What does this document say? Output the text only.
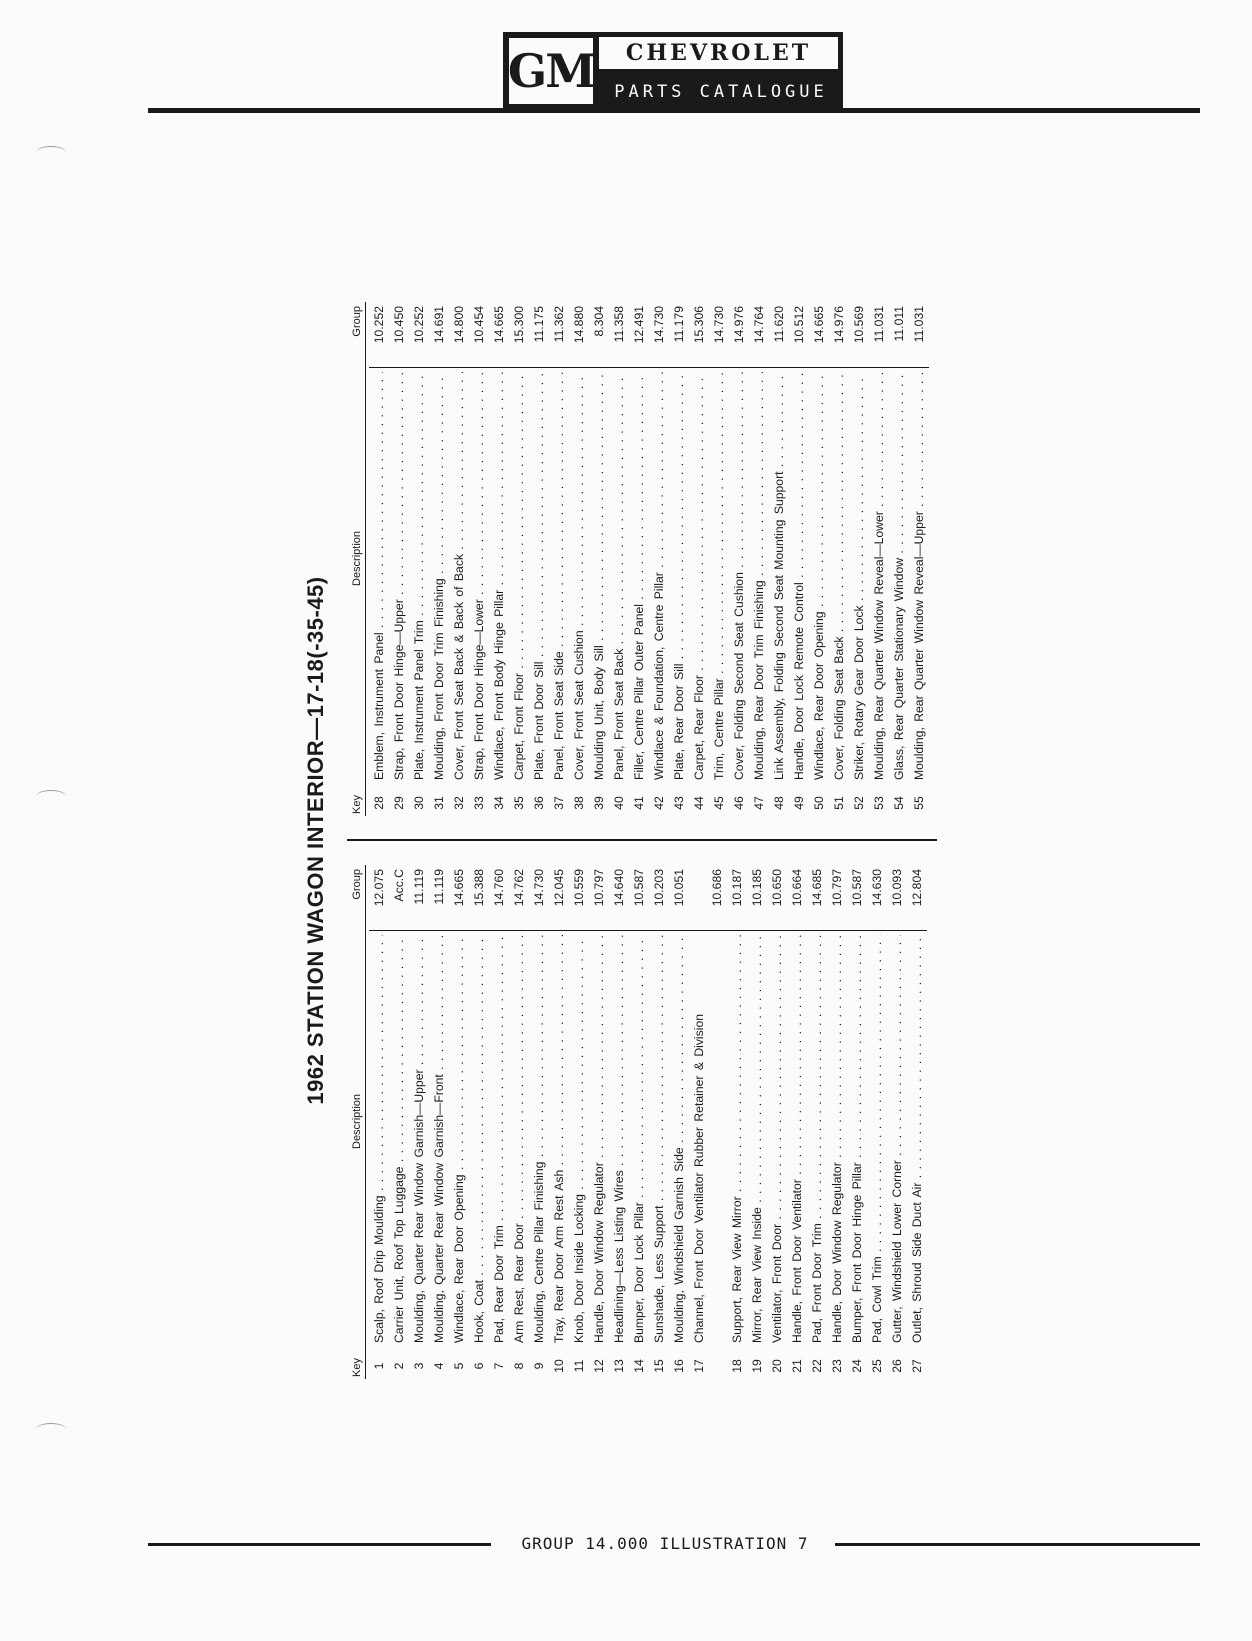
GM	CHEVROLET
PARTS CATALOGUE
1962 STATION WAGON INTERIOR—17-18(-35-45)
Key
Description
Group
1
Scalp, Roof Drip Moulding . . .
12.075
2
Carrier Unit, Roof Top Luggage . . .
Acc.C
3
Moulding, Quarter Rear Window Garnish—Upper . . .
11.119
4
Moulding, Quarter Rear Window Garnish—Front . . .
11.119
5
Windlace, Rear Door Opening . . .
14.665
6
Hook, Coat . . .
15.388
7
Pad, Rear Door Trim . . .
14.760
8
Arm Rest, Rear Door . . .
14.762
9
Moulding, Centre Pillar Finishing . . .
14.730
10
Tray, Rear Door Arm Rest Ash . . .
12.045
11
Knob, Door Inside Locking . . .
10.559
12
Handle, Door Window Regulator . . .
10.797
13
Headlining—Less Listing Wires . . .
14.640
14
Bumper, Door Lock Pillar . . .
10.587
15
Sunshade, Less Support . . .
10.203
16
Moulding, Windshield Garnish Side . . .
10.051
17
Channel, Front Door Ventilator Rubber Retainer & Division
10.686
18
Support, Rear View Mirror . . .
10.187
19
Mirror, Rear View Inside . . .
10.185
20
Ventilator, Front Door . . .
10.650
21
Handle, Front Door Ventilator . . .
10.664
22
Pad, Front Door Trim . . .
14.685
23
Handle, Door Window Regulator . . .
10.797
24
Bumper, Front Door Hinge Pillar . . .
10.587
25
Pad, Cowl Trim . . .
14.630
26
Gutter, Windshield Lower Corner . . .
10.093
27
Outlet, Shroud Side Duct Air . . .
12.804
Key
Description
Group
28
Emblem, Instrument Panel . . .
10.252
29
Strap, Front Door Hinge—Upper . . .
10.450
30
Plate, Instrument Panel Trim . . .
10.252
31
Moulding, Front Door Trim Finishing . . .
14.691
32
Cover, Front Seat Back & Back of Back . . .
14.800
33
Strap, Front Door Hinge—Lower . . .
10.454
34
Windlace, Front Body Hinge Pillar . . .
14.665
35
Carpet, Front Floor . . .
15.300
36
Plate, Front Door Sill . . .
11.175
37
Panel, Front Seat Side . . .
11.362
38
Cover, Front Seat Cushion . . .
14.880
39
Moulding Unit, Body Sill . . .
8.304
40
Panel, Front Seat Back . . .
11.358
41
Filler, Centre Pillar Outer Panel . . .
12.491
42
Windlace & Foundation, Centre Pillar . . .
14.730
43
Plate, Rear Door Sill . . .
11.179
44
Carpet, Rear Floor . . .
15.306
45
Trim, Centre Pillar . . .
14.730
46
Cover, Folding Second Seat Cushion . . .
14.976
47
Moulding, Rear Door Trim Finishing . . .
14.764
48
Link Assembly, Folding Second Seat Mounting Support . . .
11.620
49
Handle, Door Lock Remote Control . . .
10.512
50
Windlace, Rear Door Opening . . .
14.665
51
Cover, Folding Seat Back . . .
14.976
52
Striker, Rotary Gear Door Lock . . .
10.569
53
Moulding, Rear Quarter Window Reveal—Lower . . .
11.031
54
Glass, Rear Quarter Stationary Window . . .
11.011
55
Moulding, Rear Quarter Window Reveal—Upper . . .
11.031
GROUP 14.000 ILLUSTRATION 7
